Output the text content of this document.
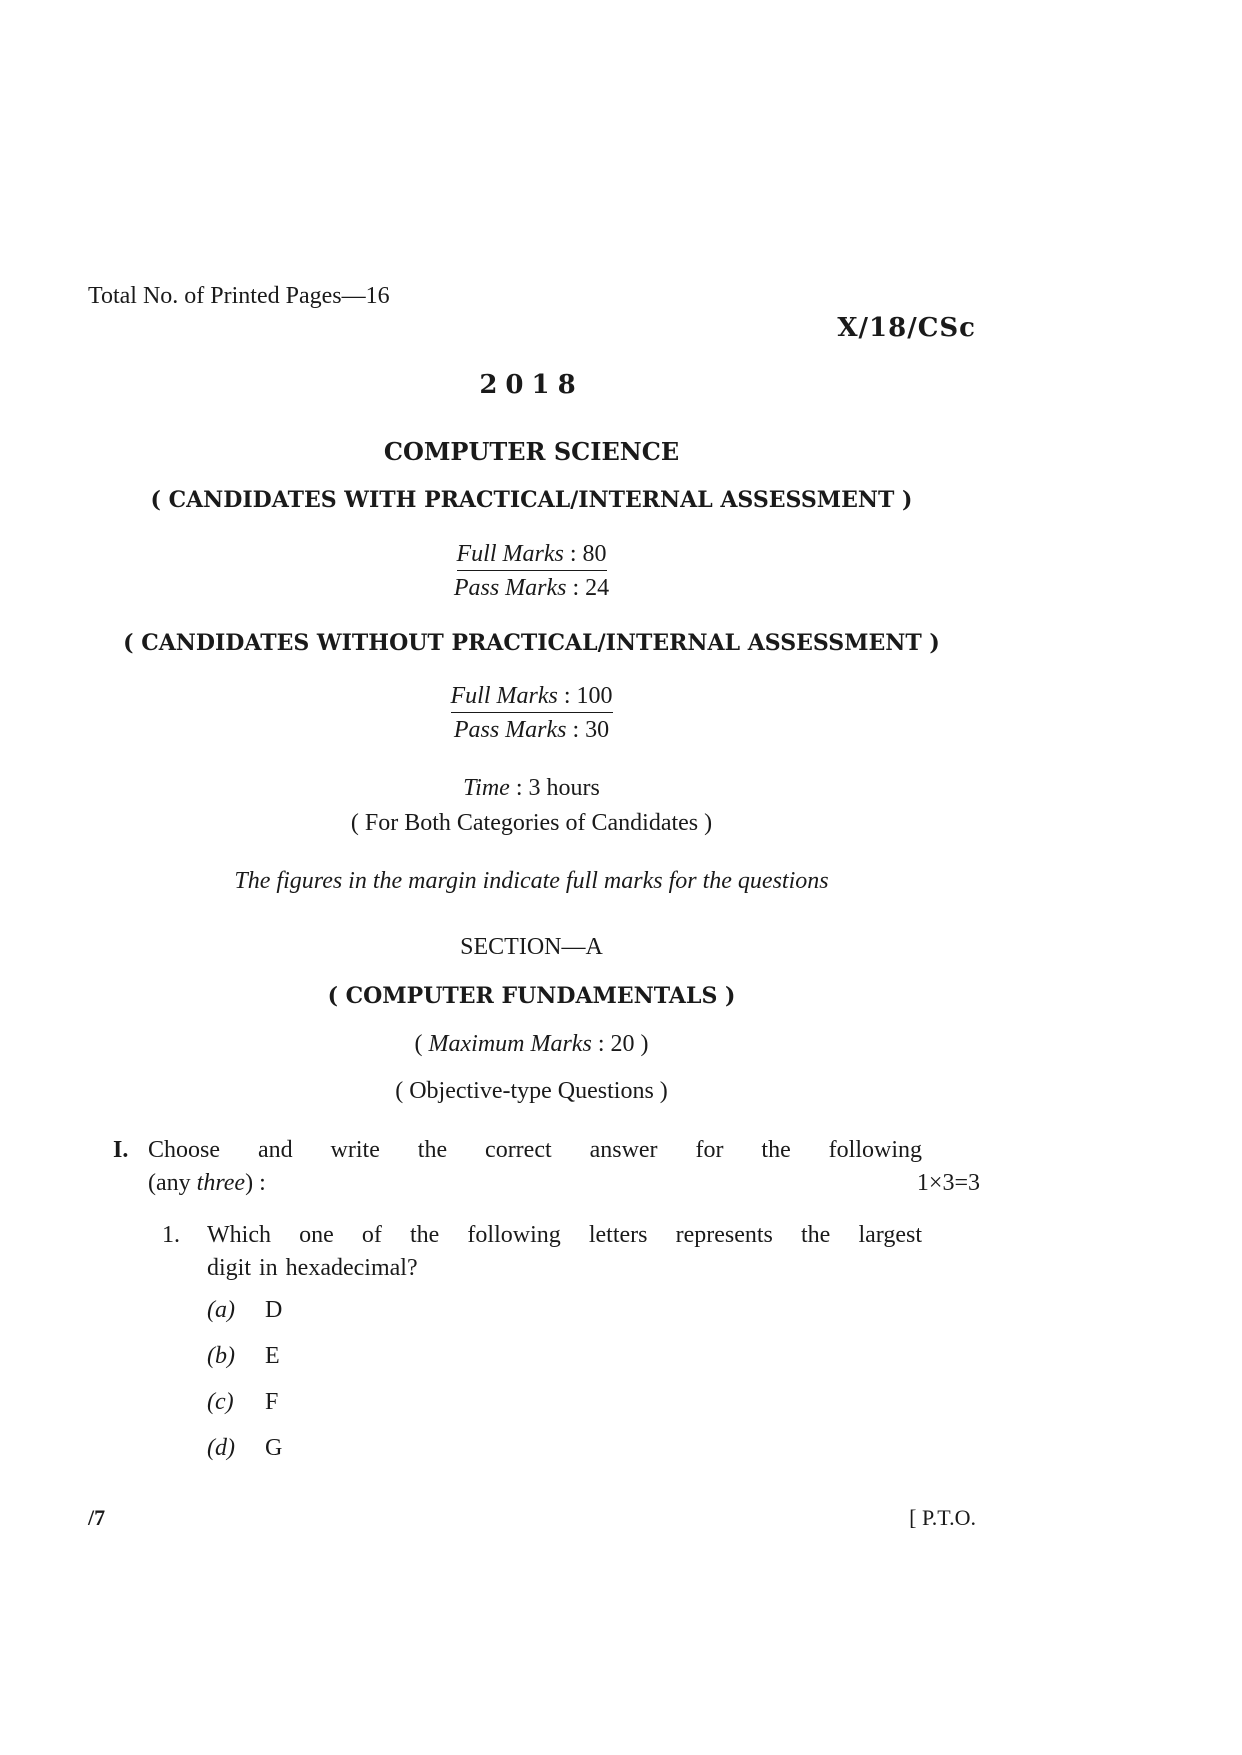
Total No. of Printed Pages—16
X/18/CSc
2018
COMPUTER SCIENCE
( CANDIDATES WITH PRACTICAL/INTERNAL ASSESSMENT )
Full Marks : 80
Pass Marks : 24
( CANDIDATES WITHOUT PRACTICAL/INTERNAL ASSESSMENT )
Full Marks : 100
Pass Marks : 30
Time : 3 hours
( For Both Categories of Candidates )
The figures in the margin indicate full marks for the questions
SECTION—A
( COMPUTER FUNDAMENTALS )
( Maximum Marks : 20 )
( Objective-type Questions )
I. Choose and write the correct answer for the following
(any three) :	1×3=3
1. Which one of the following letters represents the largest
digit in hexadecimal?
(a) D
(b) E
(c) F
(d) G
/7	[ P.T.O.
